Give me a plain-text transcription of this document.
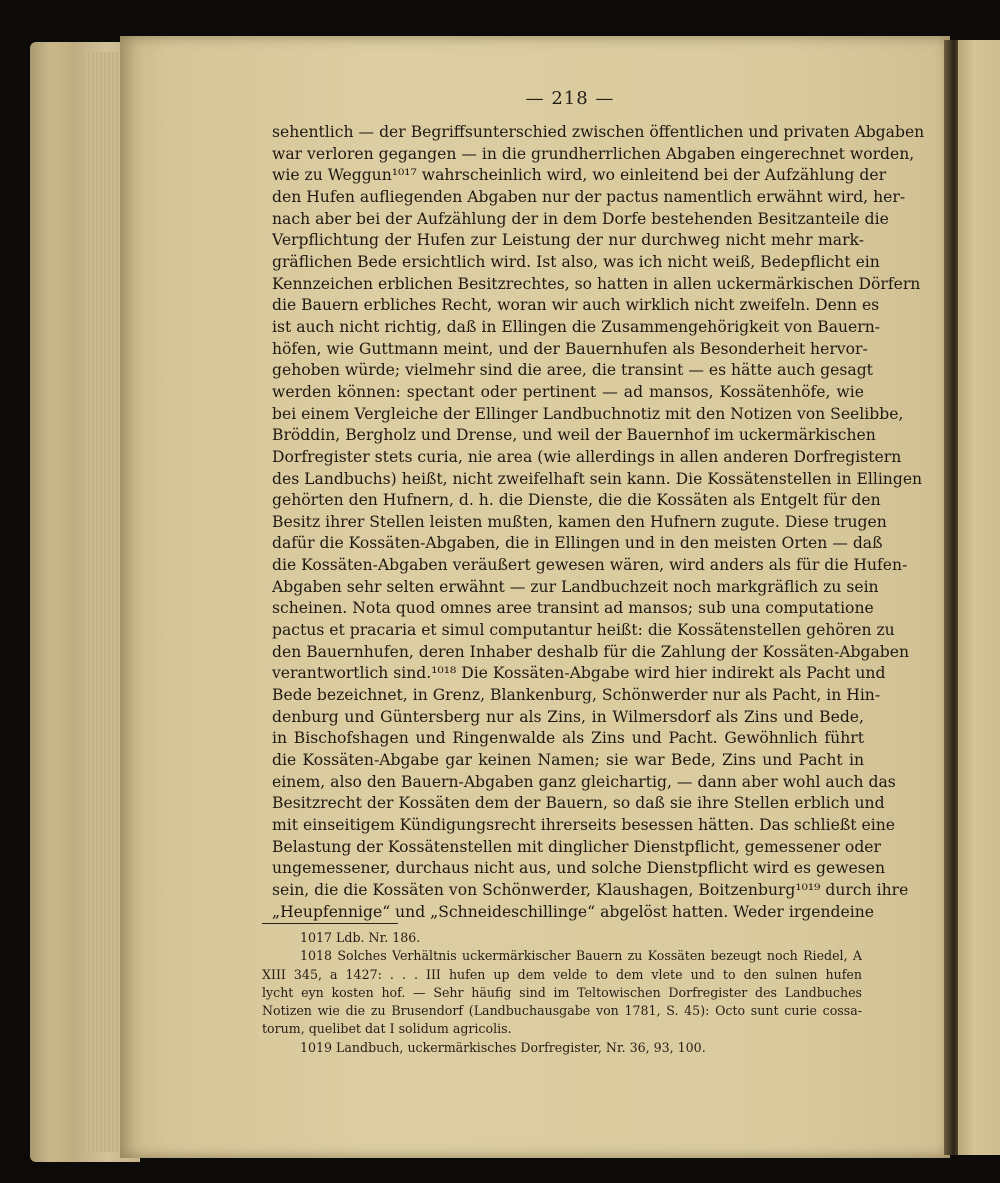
— 218 —
sehentlich — der Begriffsunterschied zwischen öffentlichen und privaten Abgaben
war verloren gegangen — in die grundherrlichen Abgaben eingerechnet worden,
wie zu Weggun¹⁰¹⁷ wahrscheinlich wird, wo einleitend bei der Aufzählung der
den Hufen aufliegenden Abgaben nur der pactus namentlich erwähnt wird, her-
nach aber bei der Aufzählung der in dem Dorfe bestehenden Besitzanteile die
Verpflichtung der Hufen zur Leistung der nur durchweg nicht mehr mark-
gräflichen Bede ersichtlich wird. Ist also, was ich nicht weiß, Bedepflicht ein
Kennzeichen erblichen Besitzrechtes, so hatten in allen uckermärkischen Dörfern
die Bauern erbliches Recht, woran wir auch wirklich nicht zweifeln. Denn es
ist auch nicht richtig, daß in Ellingen die Zusammengehörigkeit von Bauern-
höfen, wie Guttmann meint, und der Bauernhufen als Besonderheit hervor-
gehoben würde; vielmehr sind die aree, die transint — es hätte auch gesagt
werden können: spectant oder pertinent — ad mansos, Kossätenhöfe, wie
bei einem Vergleiche der Ellinger Landbuchnotiz mit den Notizen von Seelibbe,
Bröddin, Bergholz und Drense, und weil der Bauernhof im uckermärkischen
Dorfregister stets curia, nie area (wie allerdings in allen anderen Dorfregistern
des Landbuchs) heißt, nicht zweifelhaft sein kann. Die Kossätenstellen in Ellingen
gehörten den Hufnern, d. h. die Dienste, die die Kossäten als Entgelt für den
Besitz ihrer Stellen leisten mußten, kamen den Hufnern zugute. Diese trugen
dafür die Kossäten-Abgaben, die in Ellingen und in den meisten Orten — daß
die Kossäten-Abgaben veräußert gewesen wären, wird anders als für die Hufen-
Abgaben sehr selten erwähnt — zur Landbuchzeit noch markgräflich zu sein
scheinen. Nota quod omnes aree transint ad mansos; sub una computatione
pactus et pracaria et simul computantur heißt: die Kossätenstellen gehören zu
den Bauernhufen, deren Inhaber deshalb für die Zahlung der Kossäten-Abgaben
verantwortlich sind.¹⁰¹⁸ Die Kossäten-Abgabe wird hier indirekt als Pacht und
Bede bezeichnet, in Grenz, Blankenburg, Schönwerder nur als Pacht, in Hin-
denburg und Güntersberg nur als Zins, in Wilmersdorf als Zins und Bede,
in Bischofshagen und Ringenwalde als Zins und Pacht. Gewöhnlich führt
die Kossäten-Abgabe gar keinen Namen; sie war Bede, Zins und Pacht in
einem, also den Bauern-Abgaben ganz gleichartig, — dann aber wohl auch das
Besitzrecht der Kossäten dem der Bauern, so daß sie ihre Stellen erblich und
mit einseitigem Kündigungsrecht ihrerseits besessen hätten. Das schließt eine
Belastung der Kossätenstellen mit dinglicher Dienstpflicht, gemessener oder
ungemessener, durchaus nicht aus, und solche Dienstpflicht wird es gewesen
sein, die die Kossäten von Schönwerder, Klaushagen, Boitzenburg¹⁰¹⁹ durch ihre
„Heupfennige“ und „Schneideschillinge“ abgelöst hatten. Weder irgendeine
1017 Ldb. Nr. 186.
1018 Solches Verhältnis uckermärkischer Bauern zu Kossäten bezeugt noch Riedel, A
XIII 345, a 1427: . . . III hufen up dem velde to dem vlete und to den sulnen hufen
lycht eyn kosten hof. — Sehr häufig sind im Teltowischen Dorfregister des Landbuches
Notizen wie die zu Brusendorf (Landbuchausgabe von 1781, S. 45): Octo sunt curie cossa-
torum, quelibet dat I solidum agricolis.
1019 Landbuch, uckermärkisches Dorfregister, Nr. 36, 93, 100.
